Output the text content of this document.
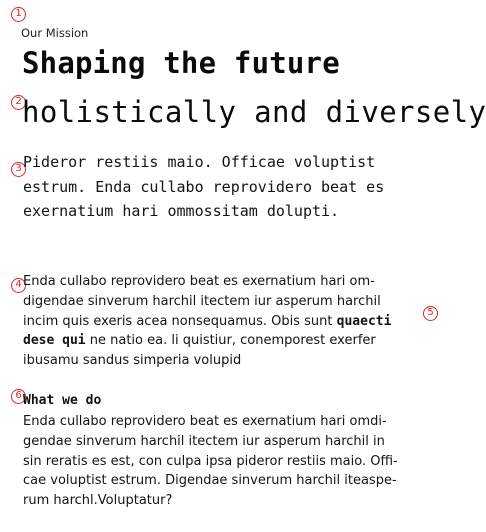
1
2
3
4
5
6

Our Mission

Shaping the future
holistically and diversely

Pideror restiis maio. Officae voluptist
estrum. Enda cullabo reprovidero beat es
exernatium hari ommossitam dolupti.

Enda cullabo reprovidero beat es exernatium hari om-
digendae sinverum harchil itectem iur asperum harchil
incim quis exeris acea nonsequamus. Obis sunt quaecti
dese qui ne natio ea. li quistiur, conemporest exerfer
ibusamu sandus simperia volupid

What we do

Enda cullabo reprovidero beat es exernatium hari omdi-
gendae sinverum harchil itectem iur asperum harchil in
sin reratis es est, con culpa ipsa pideror restiis maio. Offi-
cae voluptist estrum. Digendae sinverum harchil iteaspe-
rum harchl.Voluptatur?
